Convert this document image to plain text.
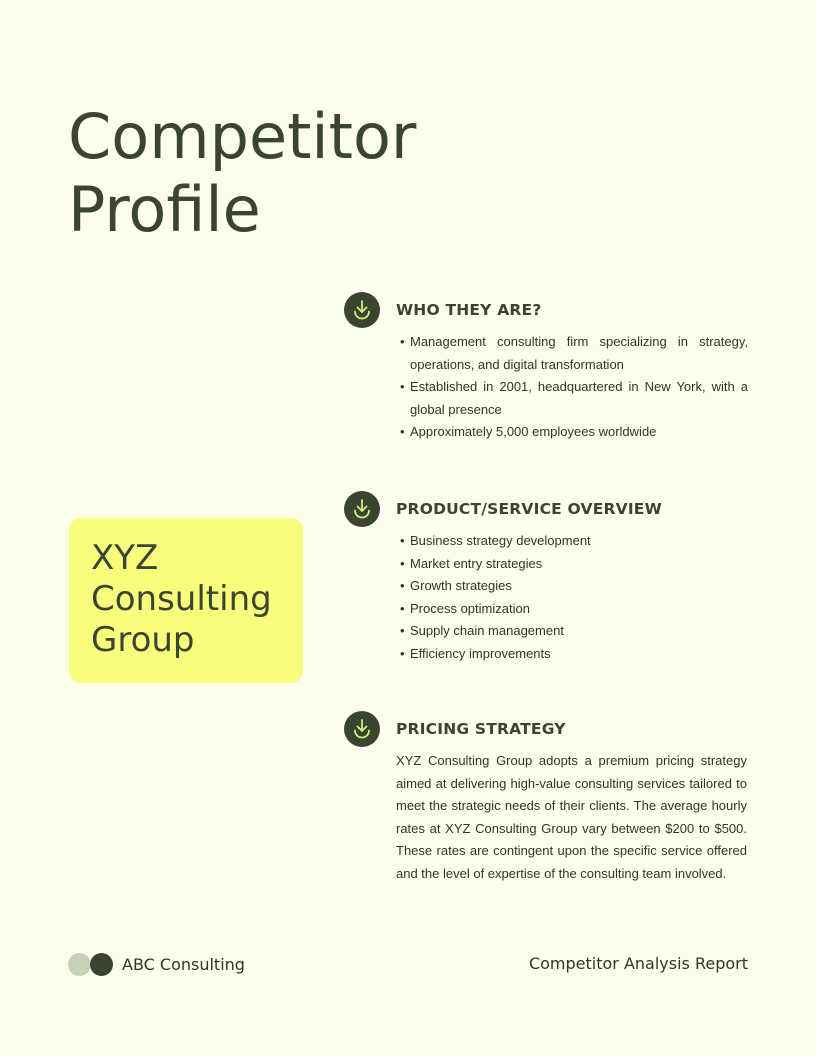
Competitor
Profile
XYZ
Consulting
Group
WHO THEY ARE?
• Management consulting firm specializing in strategy, operations, and digital transformation
• Established in 2001, headquartered in New York, with a global presence
• Approximately 5,000 employees worldwide
PRODUCT/SERVICE OVERVIEW
• Business strategy development
• Market entry strategies
• Growth strategies
• Process optimization
• Supply chain management
• Efficiency improvements
PRICING STRATEGY

XYZ Consulting Group adopts a premium pricing strategy aimed at delivering high-value consulting services tailored to meet the strategic needs of their clients. The average hourly rates at XYZ Consulting Group vary between $200 to $500. These rates are contingent upon the specific service offered and the level of expertise of the consulting team involved.

ABC Consulting	Competitor Analysis Report
